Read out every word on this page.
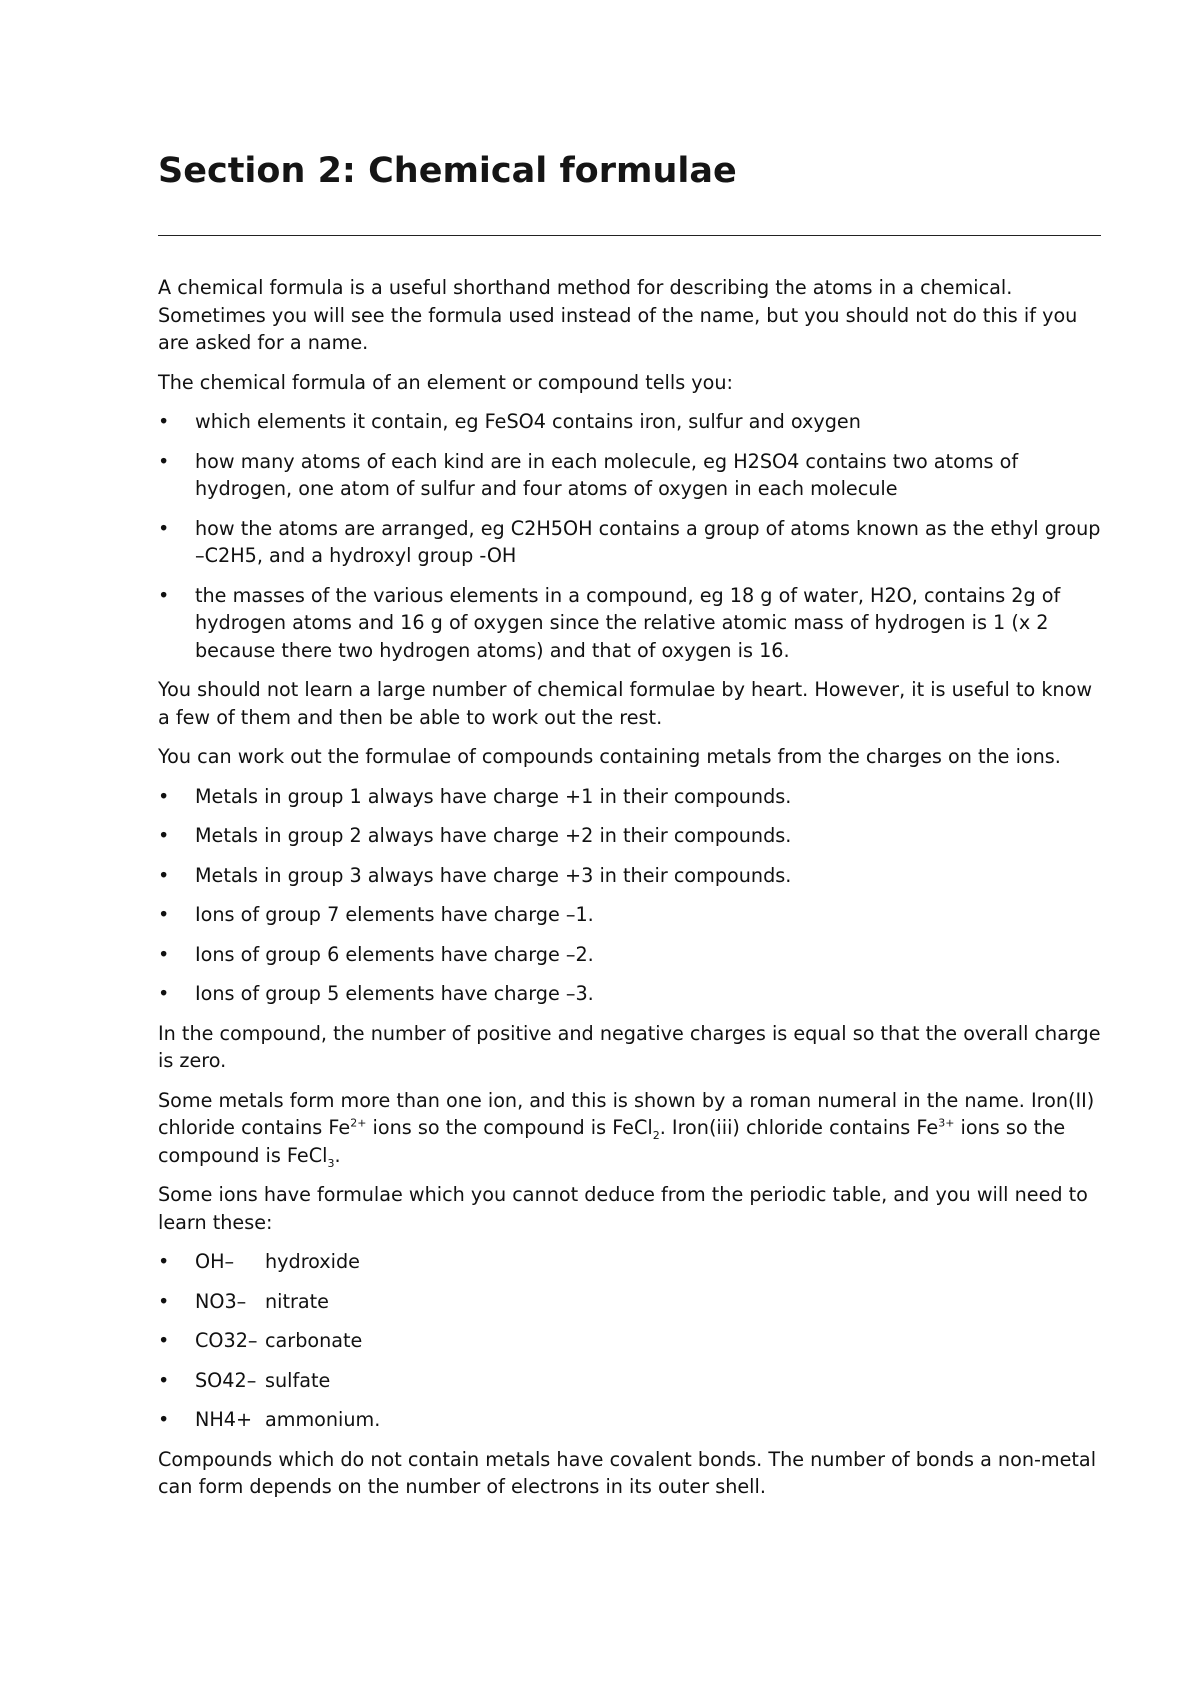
Section 2: Chemical formulae

A chemical formula is a useful shorthand method for describing the atoms in a chemical. Sometimes you will see the formula used instead of the name, but you should not do this if you are asked for a name.

The chemical formula of an element or compound tells you:

• which elements it contain, eg FeSO4 contains iron, sulfur and oxygen
• how many atoms of each kind are in each molecule, eg H2SO4 contains two atoms of hydrogen, one atom of sulfur and four atoms of oxygen in each molecule
• how the atoms are arranged, eg C2H5OH contains a group of atoms known as the ethyl group –C2H5, and a hydroxyl group -OH
• the masses of the various elements in a compound, eg 18 g of water, H2O, contains 2g of hydrogen atoms and 16 g of oxygen since the relative atomic mass of hydrogen is 1 (x 2 because there two hydrogen atoms) and that of oxygen is 16.

You should not learn a large number of chemical formulae by heart. However, it is useful to know a few of them and then be able to work out the rest.

You can work out the formulae of compounds containing metals from the charges on the ions.

• Metals in group 1 always have charge +1 in their compounds.
• Metals in group 2 always have charge +2 in their compounds.
• Metals in group 3 always have charge +3 in their compounds.
• Ions of group 7 elements have charge –1.
• Ions of group 6 elements have charge –2.
• Ions of group 5 elements have charge –3.

In the compound, the number of positive and negative charges is equal so that the overall charge is zero.

Some metals form more than one ion, and this is shown by a roman numeral in the name. Iron(II) chloride contains $Fe^{2+}$ ions so the compound is FeCl$_2$. Iron(iii) chloride contains $Fe^{3+}$ ions so the compound is FeCl$_3$.

Some ions have formulae which you cannot deduce from the periodic table, and you will need to learn these:

• OH– hydroxide
• NO3– nitrate
• CO32– carbonate
• SO42– sulfate
• NH4+ ammonium.

Compounds which do not contain metals have covalent bonds. The number of bonds a non-metal can form depends on the number of electrons in its outer shell.
